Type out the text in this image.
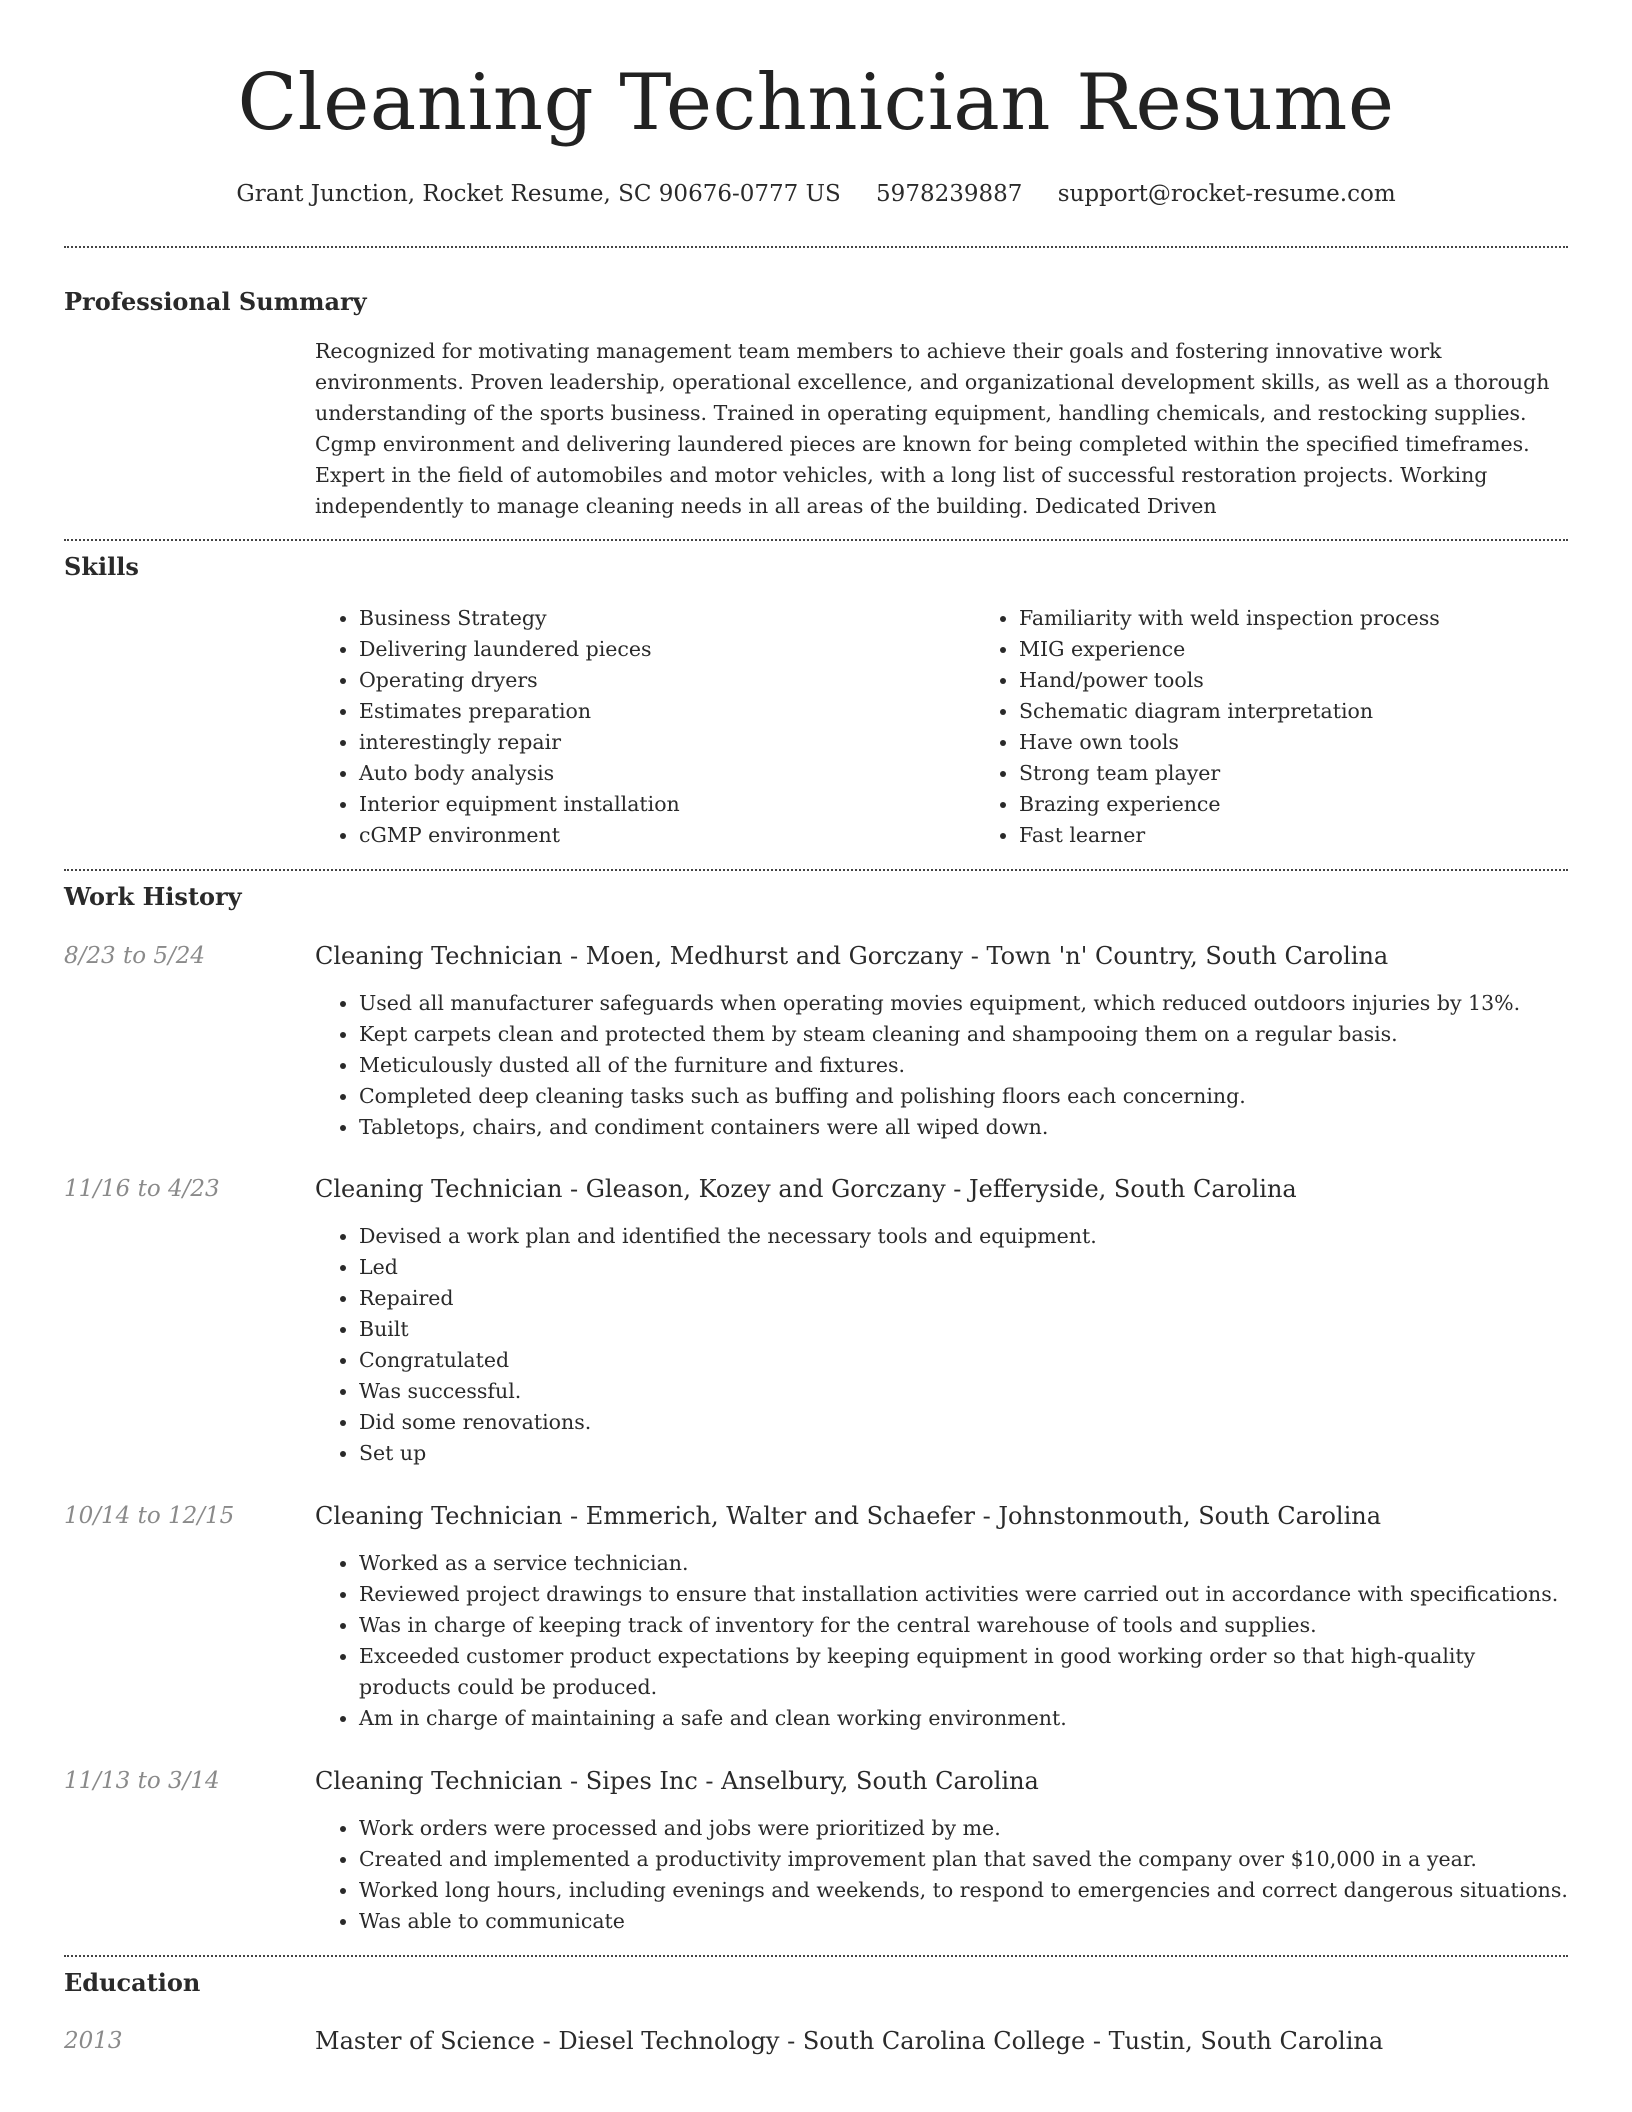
Cleaning Technician Resume
Grant Junction, Rocket Resume, SC 90676-0777 US 5978239887 support@rocket-resume.com
Professional Summary

Recognized for motivating management team members to achieve their goals and fostering innovative work environments. Proven leadership, operational excellence, and organizational development skills, as well as a thorough understanding of the sports business. Trained in operating equipment, handling chemicals, and restocking supplies. Cgmp environment and delivering laundered pieces are known for being completed within the specified timeframes. Expert in the field of automobiles and motor vehicles, with a long list of successful restoration projects. Working independently to manage cleaning needs in all areas of the building. Dedicated Driven

Skills
• Business Strategy
• Delivering laundered pieces
• Operating dryers
• Estimates preparation
• interestingly repair
• Auto body analysis
• Interior equipment installation
• cGMP environment
• Familiarity with weld inspection process
• MIG experience
• Hand/power tools
• Schematic diagram interpretation
• Have own tools
• Strong team player
• Brazing experience
• Fast learner
Work History
8/23 to 5/24	Cleaning Technician - Moen, Medhurst and Gorczany - Town 'n' Country, South Carolina
• Used all manufacturer safeguards when operating movies equipment, which reduced outdoors injuries by 13%.
• Kept carpets clean and protected them by steam cleaning and shampooing them on a regular basis.
• Meticulously dusted all of the furniture and fixtures.
• Completed deep cleaning tasks such as buffing and polishing floors each concerning.
• Tabletops, chairs, and condiment containers were all wiped down.
11/16 to 4/23	Cleaning Technician - Gleason, Kozey and Gorczany - Jefferyside, South Carolina
• Devised a work plan and identified the necessary tools and equipment.
• Led
• Repaired
• Built
• Congratulated
• Was successful.
• Did some renovations.
• Set up
10/14 to 12/15	Cleaning Technician - Emmerich, Walter and Schaefer - Johnstonmouth, South Carolina
• Worked as a service technician.
• Reviewed project drawings to ensure that installation activities were carried out in accordance with specifications.
• Was in charge of keeping track of inventory for the central warehouse of tools and supplies.
• Exceeded customer product expectations by keeping equipment in good working order so that high-quality products could be produced.
• Am in charge of maintaining a safe and clean working environment.
11/13 to 3/14	Cleaning Technician - Sipes Inc - Anselbury, South Carolina
• Work orders were processed and jobs were prioritized by me.
• Created and implemented a productivity improvement plan that saved the company over $10,000 in a year.
• Worked long hours, including evenings and weekends, to respond to emergencies and correct dangerous situations.
• Was able to communicate
Education
2013	Master of Science - Diesel Technology - South Carolina College - Tustin, South Carolina
